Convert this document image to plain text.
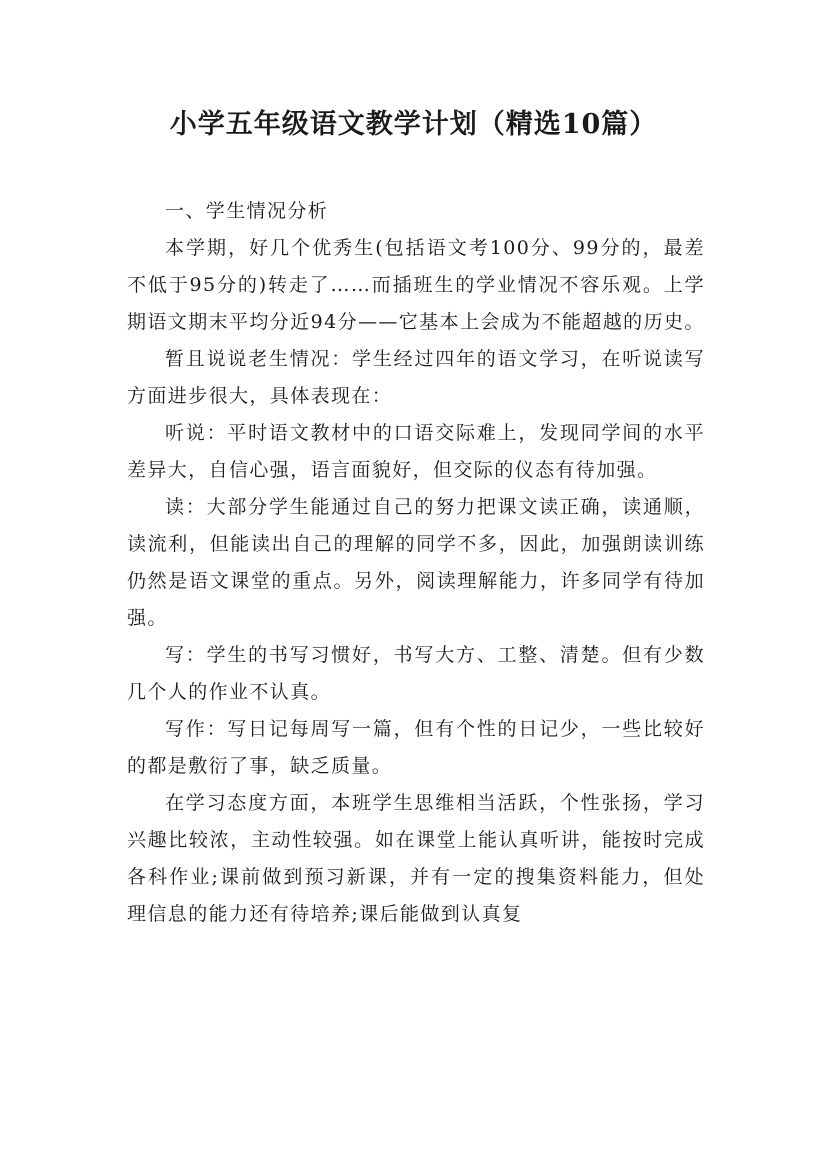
小学五年级语文教学计划（精选10篇）

一、学生情况分析

本学期，好几个优秀生(包括语文考100分、99分的，最差不低于95分的)转走了……而插班生的学业情况不容乐观。上学期语文期末平均分近94分——它基本上会成为不能超越的历史。

暂且说说老生情况：学生经过四年的语文学习，在听说读写方面进步很大，具体表现在：

听说：平时语文教材中的口语交际难上，发现同学间的水平差异大，自信心强，语言面貌好，但交际的仪态有待加强。

读：大部分学生能通过自己的努力把课文读正确，读通顺，读流利，但能读出自己的理解的同学不多，因此，加强朗读训练仍然是语文课堂的重点。另外，阅读理解能力，许多同学有待加强。

写：学生的书写习惯好，书写大方、工整、清楚。但有少数几个人的作业不认真。

写作：写日记每周写一篇，但有个性的日记少，一些比较好的都是敷衍了事，缺乏质量。

在学习态度方面，本班学生思维相当活跃，个性张扬，学习兴趣比较浓，主动性较强。如在课堂上能认真听讲，能按时完成各科作业;课前做到预习新课，并有一定的搜集资料能力，但处理信息的能力还有待培养;课后能做到认真复
